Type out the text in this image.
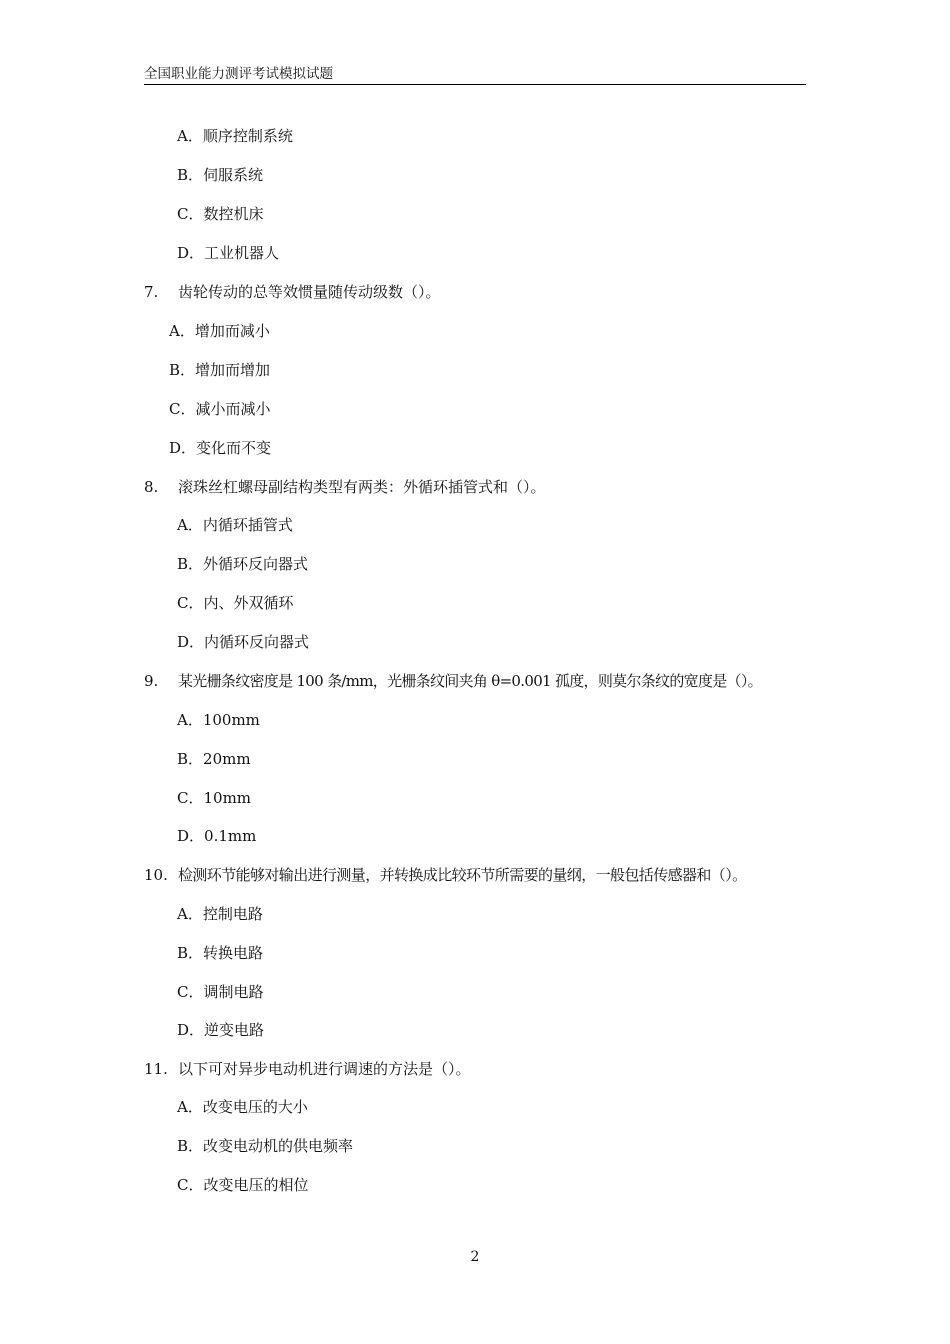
全国职业能力测评考试模拟试题
A．顺序控制系统
B．伺服系统
C．数控机床
D．工业机器人
7. 齿轮传动的总等效惯量随传动级数（）。
A．增加而减小
B．增加而增加
C．减小而减小
D．变化而不变
8. 滚珠丝杠螺母副结构类型有两类：外循环插管式和（）。
A．内循环插管式
B．外循环反向器式
C．内、外双循环
D．内循环反向器式
9. 某光栅条纹密度是 100 条/mm，光栅条纹间夹角 θ=0.001 孤度，则莫尔条纹的宽度是（）。
A．100mm
B．20mm
C．10mm
D．0.1mm
10. 检测环节能够对输出进行测量，并转换成比较环节所需要的量纲，一般包括传感器和（）。
A．控制电路
B．转换电路
C．调制电路
D．逆变电路
11. 以下可对异步电动机进行调速的方法是（）。
A．改变电压的大小
B．改变电动机的供电频率
C．改变电压的相位
2
